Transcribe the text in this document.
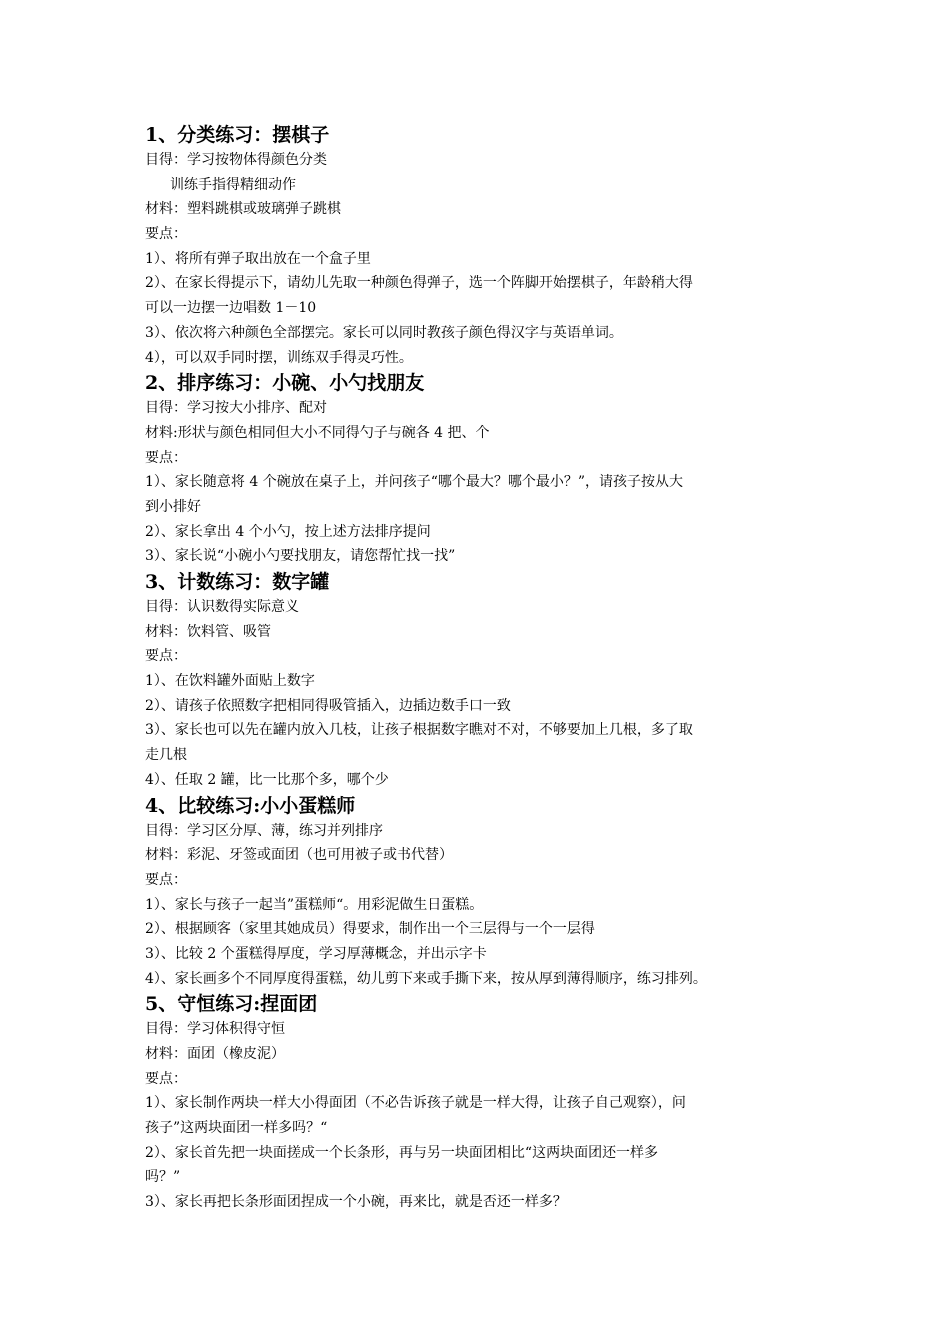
1、分类练习：摆棋子
目得：学习按物体得颜色分类
训练手指得精细动作
材料：塑料跳棋或玻璃弹子跳棋
要点：
1）、将所有弹子取出放在一个盒子里
2）、在家长得提示下，请幼儿先取一种颜色得弹子，选一个阵脚开始摆棋子，年龄稍大得
可以一边摆一边唱数 1－10
3）、依次将六种颜色全部摆完。家长可以同时教孩子颜色得汉字与英语单词。
4），可以双手同时摆，训练双手得灵巧性。
2、排序练习：小碗、小勺找朋友
目得：学习按大小排序、配对
材料:形状与颜色相同但大小不同得勺子与碗各 4 把、个
要点：
1）、家长随意将 4 个碗放在桌子上，并问孩子“哪个最大？哪个最小？”，请孩子按从大
到小排好
2）、家长拿出 4 个小勺，按上述方法排序提问
3）、家长说“小碗小勺要找朋友，请您帮忙找一找”
3、计数练习：数字罐
目得：认识数得实际意义
材料：饮料管、吸管
要点：
1）、在饮料罐外面贴上数字
2）、请孩子依照数字把相同得吸管插入，边插边数手口一致
3）、家长也可以先在罐内放入几枝，让孩子根据数字瞧对不对，不够要加上几根，多了取
走几根
4）、任取 2 罐，比一比那个多，哪个少
4、比较练习:小小蛋糕师
目得：学习区分厚、薄，练习并列排序
材料：彩泥、牙签或面团（也可用被子或书代替）
要点：
1）、家长与孩子一起当”蛋糕师“。用彩泥做生日蛋糕。
2）、根据顾客（家里其她成员）得要求，制作出一个三层得与一个一层得
3）、比较 2 个蛋糕得厚度，学习厚薄概念，并出示字卡
4）、家长画多个不同厚度得蛋糕，幼儿剪下来或手撕下来，按从厚到薄得顺序，练习排列。
5、守恒练习:捏面团
目得：学习体积得守恒
材料：面团（橡皮泥）
要点：
1）、家长制作两块一样大小得面团（不必告诉孩子就是一样大得，让孩子自己观察），问
孩子”这两块面团一样多吗？“
2）、家长首先把一块面搓成一个长条形，再与另一块面团相比“这两块面团还一样多
吗？”
3）、家长再把长条形面团捏成一个小碗，再来比，就是否还一样多？
